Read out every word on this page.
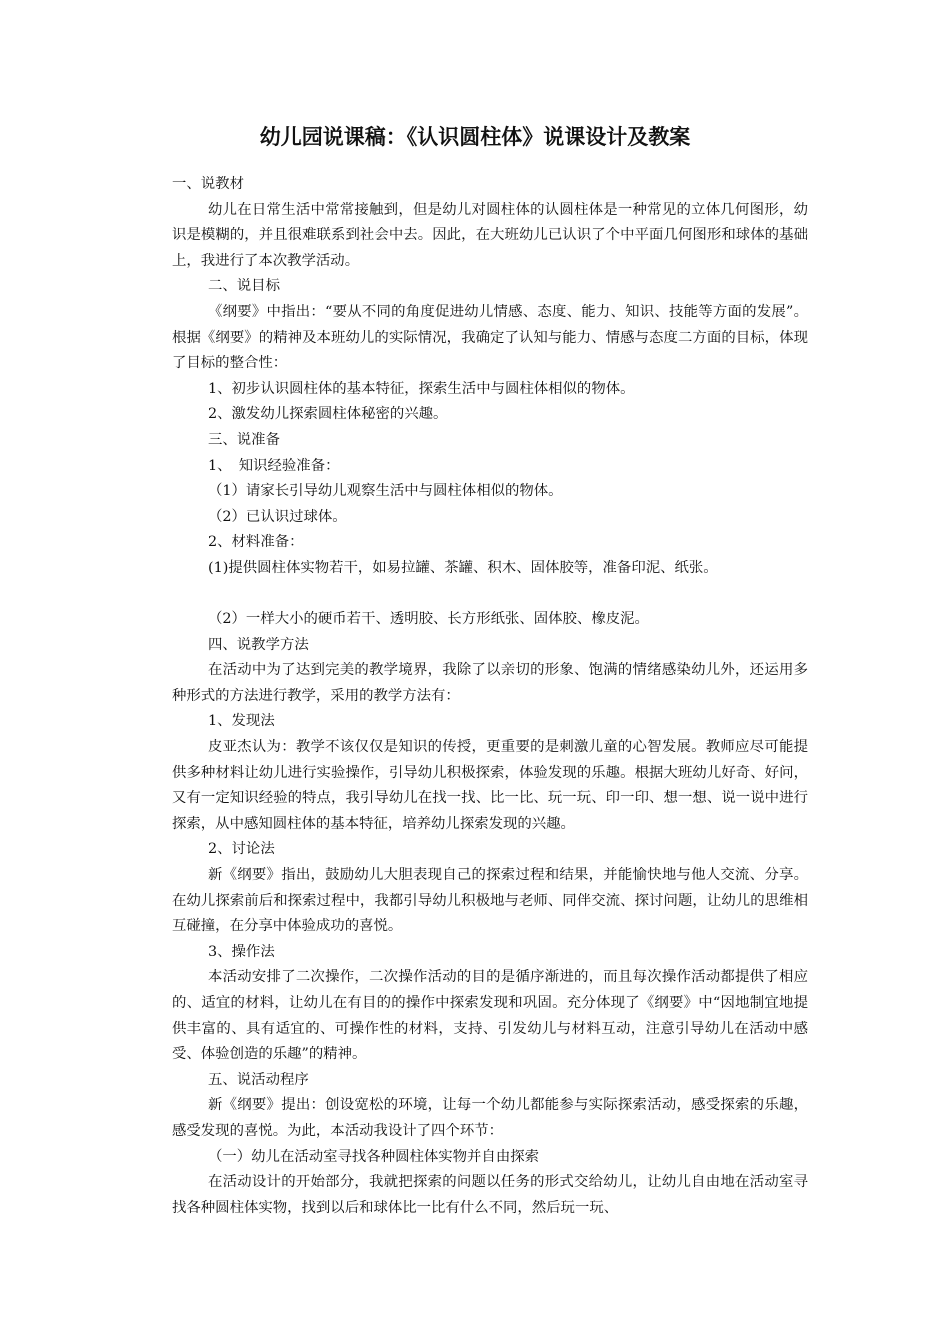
幼儿园说课稿：《认识圆柱体》说课设计及教案

一、说教材

幼儿在日常生活中常常接触到，但是幼儿对圆柱体的认圆柱体是一种常见的立体几何图形，幼识是模糊的，并且很难联系到社会中去。因此，在大班幼儿已认识了个中平面几何图形和球体的基础上，我进行了本次教学活动。

二、说目标

《纲要》中指出：“要从不同的角度促进幼儿情感、态度、能力、知识、技能等方面的发展”。根据《纲要》的精神及本班幼儿的实际情况，我确定了认知与能力、情感与态度二方面的目标，体现了目标的整合性：

1、初步认识圆柱体的基本特征，探索生活中与圆柱体相似的物体。

2、激发幼儿探索圆柱体秘密的兴趣。

三、说准备

1、　知识经验准备：

（1）请家长引导幼儿观察生活中与圆柱体相似的物体。

（2）已认识过球体。

2、材料准备：

(1)提供圆柱体实物若干，如易拉罐、茶罐、积木、固体胶等，准备印泥、纸张。

（2）一样大小的硬币若干、透明胶、长方形纸张、固体胶、橡皮泥。

四、说教学方法

在活动中为了达到完美的教学境界，我除了以亲切的形象、饱满的情绪感染幼儿外，还运用多种形式的方法进行教学，采用的教学方法有：

1、发现法

皮亚杰认为：教学不该仅仅是知识的传授，更重要的是刺激儿童的心智发展。教师应尽可能提供多种材料让幼儿进行实验操作，引导幼儿积极探索，体验发现的乐趣。根据大班幼儿好奇、好问，又有一定知识经验的特点，我引导幼儿在找一找、比一比、玩一玩、印一印、想一想、说一说中进行探索，从中感知圆柱体的基本特征，培养幼儿探索发现的兴趣。

2、讨论法

新《纲要》指出，鼓励幼儿大胆表现自己的探索过程和结果，并能愉快地与他人交流、分享。在幼儿探索前后和探索过程中，我都引导幼儿积极地与老师、同伴交流、探讨问题，让幼儿的思维相互碰撞，在分享中体验成功的喜悦。

3、操作法

本活动安排了二次操作，二次操作活动的目的是循序渐进的，而且每次操作活动都提供了相应的、适宜的材料，让幼儿在有目的的操作中探索发现和巩固。充分体现了《纲要》中“因地制宜地提供丰富的、具有适宜的、可操作性的材料，支持、引发幼儿与材料互动，注意引导幼儿在活动中感受、体验创造的乐趣”的精神。

五、说活动程序

新《纲要》提出：创设宽松的环境，让每一个幼儿都能参与实际探索活动，感受探索的乐趣，感受发现的喜悦。为此，本活动我设计了四个环节：

（一）幼儿在活动室寻找各种圆柱体实物并自由探索

在活动设计的开始部分，我就把探索的问题以任务的形式交给幼儿，让幼儿自由地在活动室寻找各种圆柱体实物，找到以后和球体比一比有什么不同，然后玩一玩、
